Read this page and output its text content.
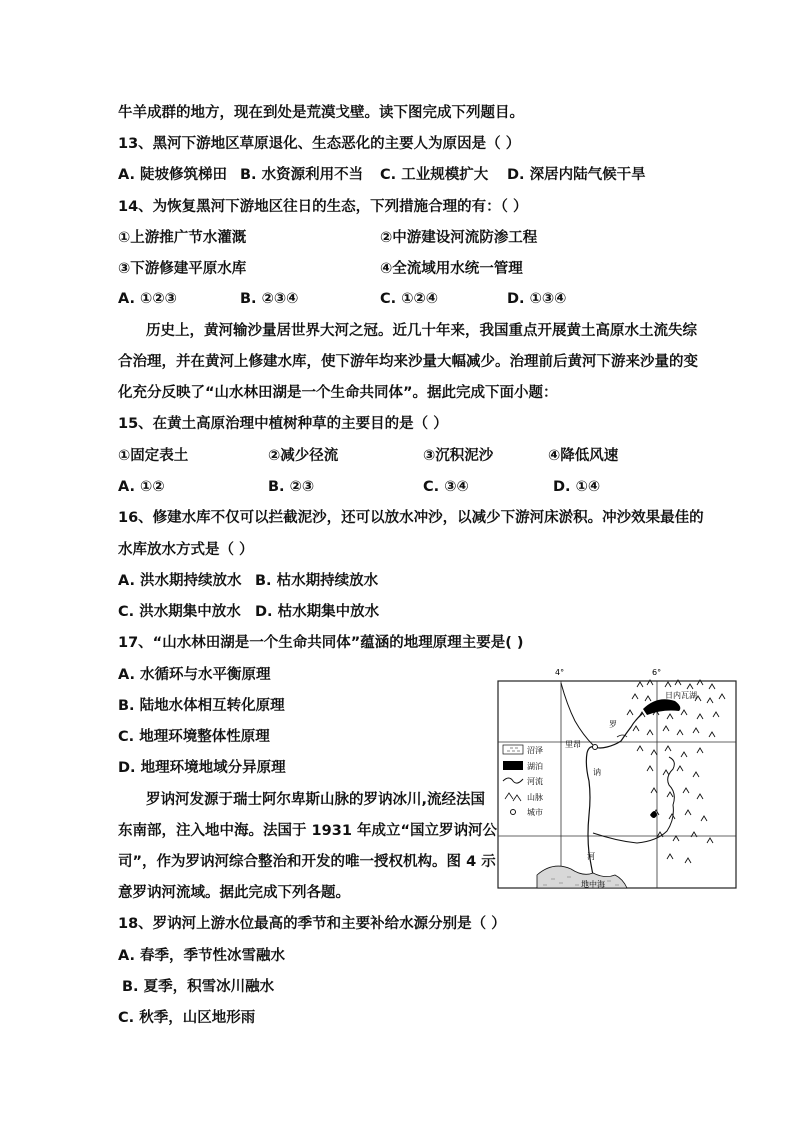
牛羊成群的地方，现在到处是荒漠戈壁。读下图完成下列题目。
13、黑河下游地区草原退化、生态恶化的主要人为原因是（ ）
A. 陡坡修筑梯田 B. 水资源利用不当 C. 工业规模扩大 D. 深居内陆气候干旱
14、为恢复黑河下游地区往日的生态，下列措施合理的有：（ ）
①上游推广节水灌溉	②中游建设河流防渗工程
③下游修建平原水库	④全流域用水统一管理
A. ①②③	B. ②③④	C. ①②④	D. ①③④
历史上，黄河输沙量居世界大河之冠。近几十年来，我国重点开展黄土高原水土流失综
合治理，并在黄河上修建水库，使下游年均来沙量大幅减少。治理前后黄河下游来沙量的变
化充分反映了“山水林田湖是一个生命共同体”。据此完成下面小题：
15、在黄土高原治理中植树种草的主要目的是（ ）
①固定表土	②减少径流	③沉积泥沙	④降低风速
A. ①②	B. ②③	C. ③④	D. ①④
16、修建水库不仅可以拦截泥沙，还可以放水冲沙，以减少下游河床淤积。冲沙效果最佳的
水库放水方式是（ ）
A. 洪水期持续放水 B. 枯水期持续放水
C. 洪水期集中放水 D. 枯水期集中放水
17、“山水林田湖是一个生命共同体”蕴涵的地理原理主要是( )
A. 水循环与水平衡原理
B. 陆地水体相互转化原理
C. 地理环境整体性原理
D. 地理环境地域分异原理
罗讷河发源于瑞士阿尔卑斯山脉的罗讷冰川,流经法国
东南部，注入地中海。法国于 1931 年成立“国立罗讷河公
司”，作为罗讷河综合整治和开发的唯一授权机构。图 4 示
意罗讷河流域。据此完成下列各题。
18、罗讷河上游水位最高的季节和主要补给水源分别是（ ）
A. 春季，季节性冰雪融水
B. 夏季，积雪冰川融水
C. 秋季，山区地形雨
4°	6°
日内瓦湖
里昂
罗
讷
河
地中海
沼泽
湖泊
河流
山脉
城市
